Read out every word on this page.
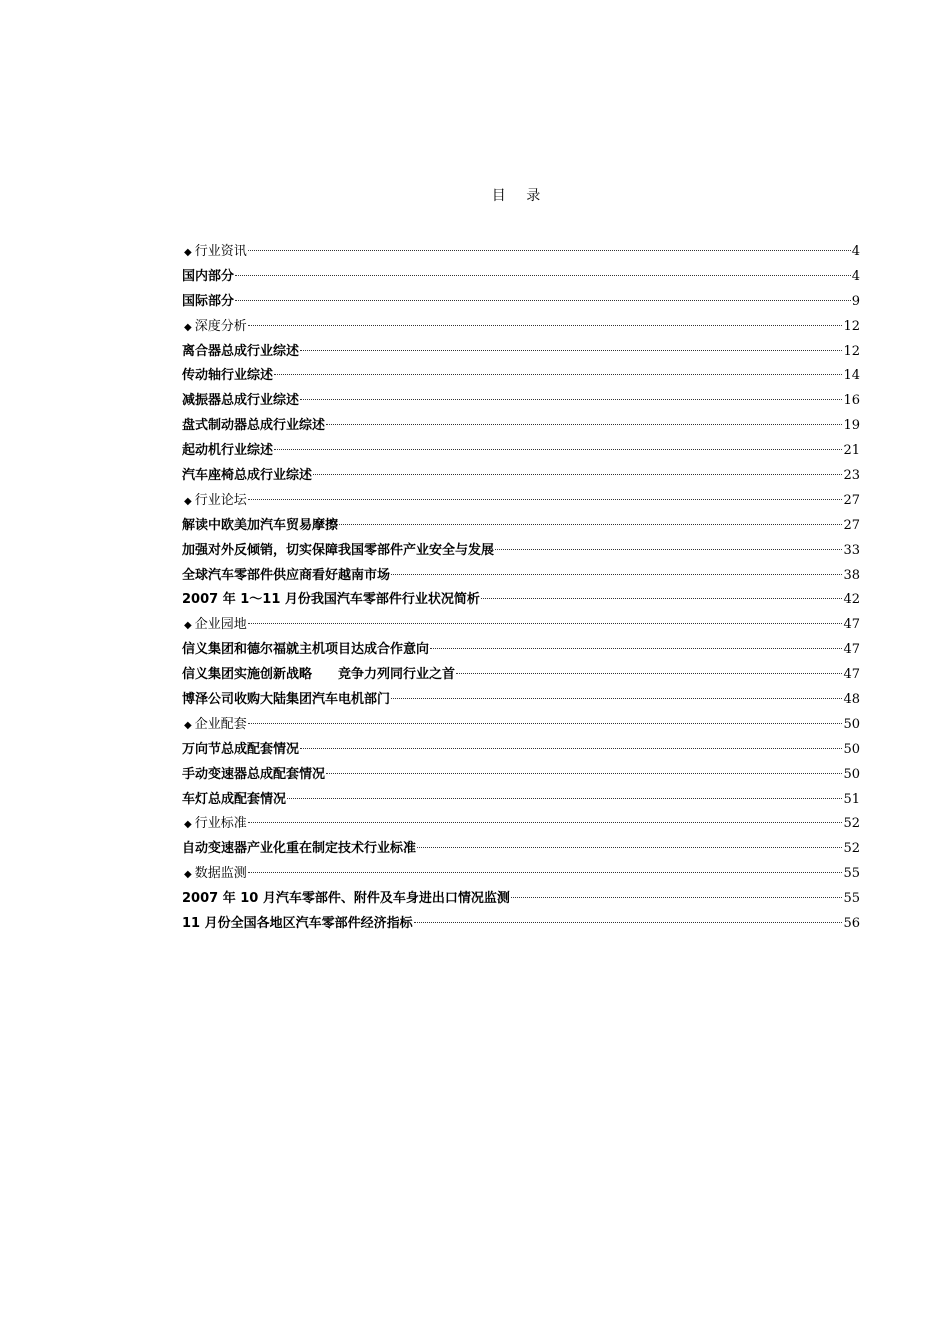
目 录
◆ 行业资讯	4
国内部分	4
国际部分	9
◆ 深度分析	12
离合器总成行业综述	12
传动轴行业综述	14
减振器总成行业综述	16
盘式制动器总成行业综述	19
起动机行业综述	21
汽车座椅总成行业综述	23
◆ 行业论坛	27
解读中欧美加汽车贸易摩擦	27
加强对外反倾销，切实保障我国零部件产业安全与发展	33
全球汽车零部件供应商看好越南市场	38
2007 年 1～11 月份我国汽车零部件行业状况简析	42
◆ 企业园地	47
信义集团和德尔福就主机项目达成合作意向	47
信义集团实施创新战略　　竞争力列同行业之首	47
博泽公司收购大陆集团汽车电机部门	48
◆ 企业配套	50
万向节总成配套情况	50
手动变速器总成配套情况	50
车灯总成配套情况	51
◆ 行业标准	52
自动变速器产业化重在制定技术行业标准	52
◆ 数据监测	55
2007 年 10 月汽车零部件、附件及车身进出口情况监测	55
11 月份全国各地区汽车零部件经济指标	56
